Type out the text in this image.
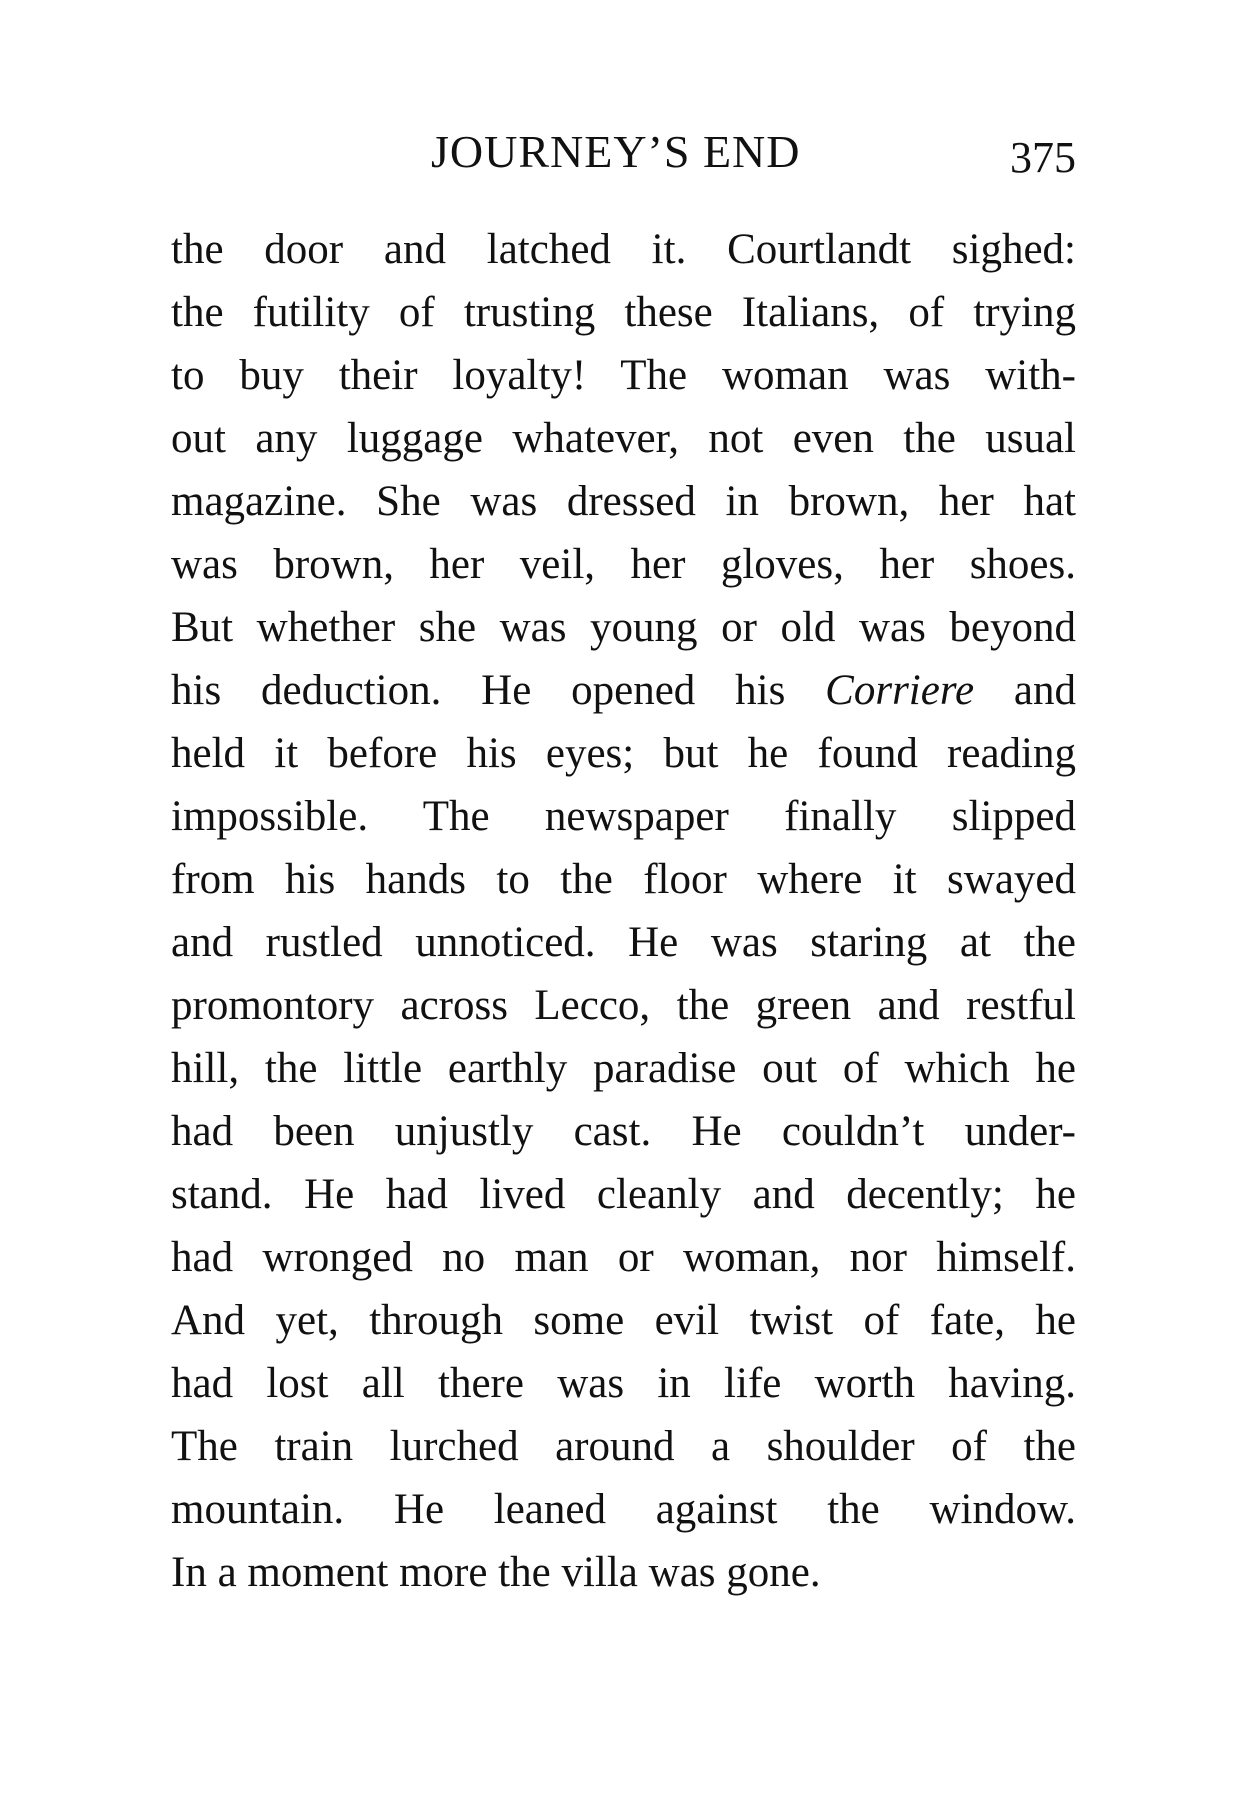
JOURNEY’S END	375
the door and latched it. Courtlandt sighed:
the futility of trusting these Italians, of trying
to buy their loyalty! The woman was with-
out any luggage whatever, not even the usual
magazine. She was dressed in brown, her hat
was brown, her veil, her gloves, her shoes.
But whether she was young or old was beyond
his deduction. He opened his Corriere and
held it before his eyes; but he found reading
impossible. The newspaper finally slipped
from his hands to the floor where it swayed
and rustled unnoticed. He was staring at the
promontory across Lecco, the green and restful
hill, the little earthly paradise out of which he
had been unjustly cast. He couldn’t under-
stand. He had lived cleanly and decently; he
had wronged no man or woman, nor himself.
And yet, through some evil twist of fate, he
had lost all there was in life worth having.
The train lurched around a shoulder of the
mountain. He leaned against the window.
In a moment more the villa was gone.
